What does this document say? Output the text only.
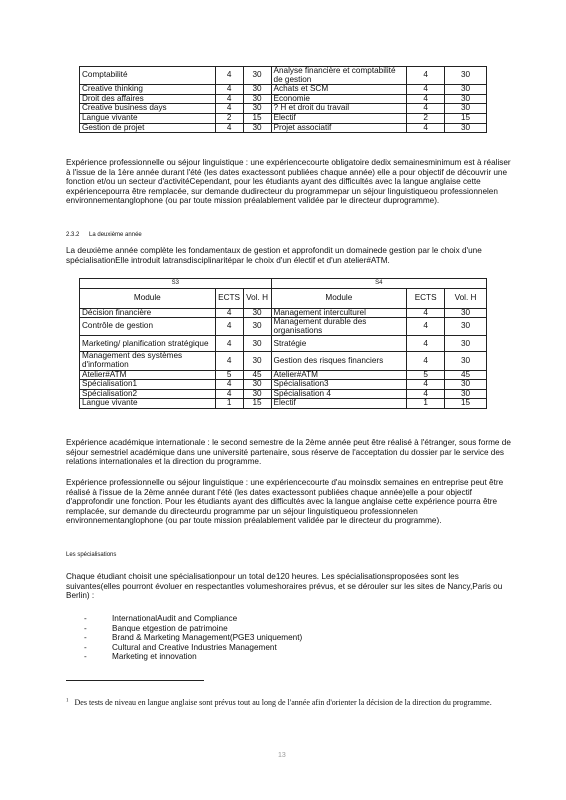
Comptabilité	4	30	Analyse financière et comptabilité de gestion	4	30
Creative thinking	4	30	Achats et SCM	4	30
Droit des affaires	4	30	Economie	4	30
Creative business days	4	30	? H et droit du travail	4	30
Langue vivante	2	15	Electif	2	15
Gestion de projet	4	30	Projet associatif	4	30

Expérience professionnelle ou séjour linguistique : une expériencecourte obligatoire dedix semainesminimum est à réaliser à l'issue de la 1ère année durant l'été (les dates exactessont publiées chaque année) elle a pour objectif de découvrir une fonction et/ou un secteur d'activitéCependant, pour les étudiants ayant des difficultés avec la langue anglaise cette expériencepourra être remplacée, sur demande dudirecteur du programmepar un séjour linguistiqueou professionnelen environnementanglophone (ou par toute mission préalablement validée par le directeur duprogramme).

2.3.2 La deuxième année

La deuxième année complète les fondamentaux de gestion et approfondit un domainede gestion par le choix d'une spécialisationElle introduit latransdisciplinaritépar le choix d'un électif et d'un atelier#ATM.

S3			S4		
Module	ECTS	Vol. H	Module	ECTS	Vol. H
Décision financière	4	30	Management interculturel	4	30
Contrôle de gestion	4	30	Management durable des organisations	4	30
Marketing/ planification stratégique	4	30	Stratégie	4	30
Management des systèmes d'information	4	30	Gestion des risques financiers	4	30
Atelier#ATM	5	45	Atelier#ATM	5	45
Spécialisation1	4	30	Spécialisation3	4	30
Spécialisation2	4	30	Spécialisation 4	4	30
Langue vivante	1	15	Electif	1	15

Expérience académique internationale : le second semestre de la 2ème année peut être réalisé à l'étranger, sous forme de séjour semestriel académique dans une université partenaire, sous réserve de l'acceptation du dossier par le service des relations internationales et la direction du programme.

Expérience professionnelle ou séjour linguistique : une expériencecourte d'au moinsdix semaines en entreprise peut être réalisé à l'issue de la 2ème année durant l'été (les dates exactessont publiées chaque année)elle a pour objectif d'approfondir une fonction. Pour les étudiants ayant des difficultés avec la langue anglaise cette expérience pourra être remplacée, sur demande du directeurdu programme par un séjour linguistiqueou professionnelen environnementanglophone (ou par toute mission préalablement validée par le directeur du programme).

Les spécialisations

Chaque étudiant choisit une spécialisationpour un total de120 heures. Les spécialisationsproposées sont les suivantes(elles pourront évoluer en respectantles volumeshoraires prévus, et se dérouler sur les sites de Nancy,Paris ou Berlin) :

-	InternationalAudit and Compliance
-	Banque etgestion de patrimoine
-	Brand & Marketing Management(PGE3 uniquement)
-	Cultural and Creative Industries Management
-	Marketing et innovation

$^1$ Des tests de niveau en langue anglaise sont prévus tout au long de l'année afin d'orienter la décision de la direction du programme.

13
